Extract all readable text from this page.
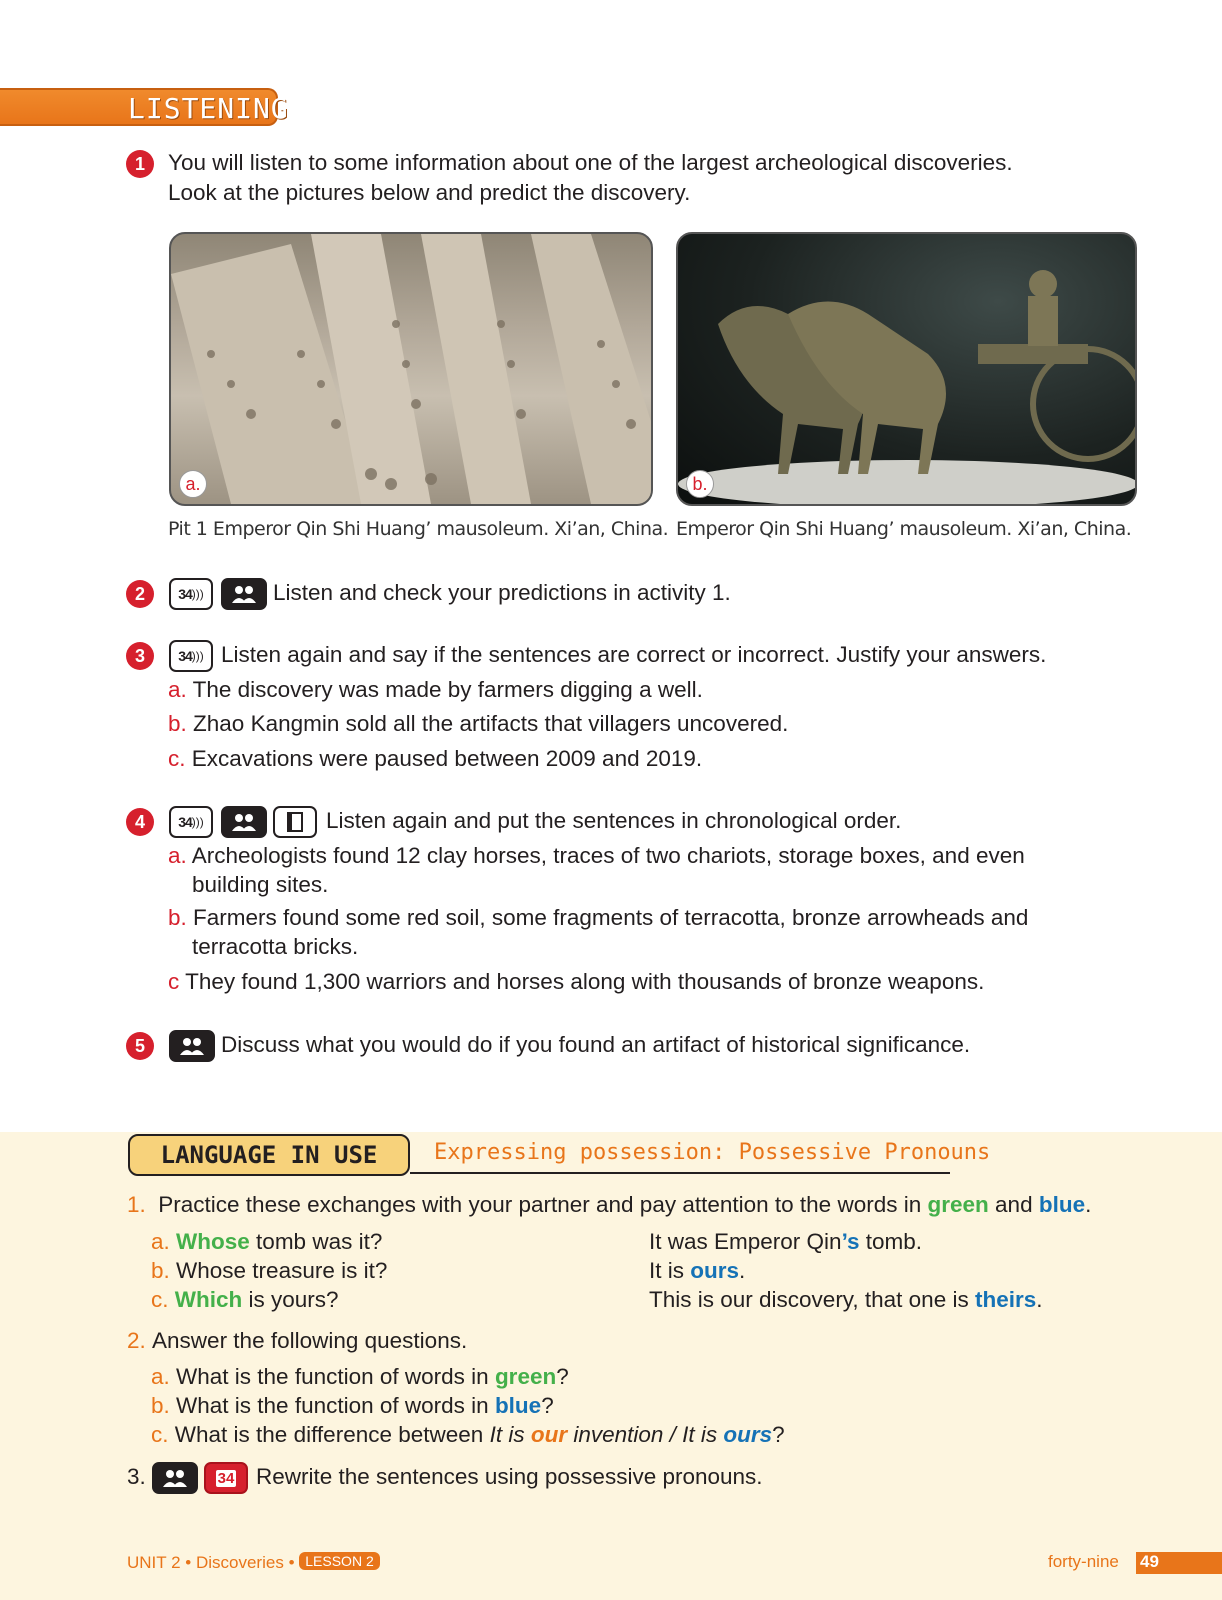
LISTENING
1	You will listen to some information about one of the largest archeological discoveries.
Look at the pictures below and predict the discovery.
a.	b.
Pit 1 Emperor Qin Shi Huang’ mausoleum. Xi’an, China. Emperor Qin Shi Huang’ mausoleum. Xi’an, China.
2	34 )))	Listen and check your predictions in activity 1.
3	34 ))) Listen again and say if the sentences are correct or incorrect. Justify your answers.
a. The discovery was made by farmers digging a well.
b. Zhao Kangmin sold all the artifacts that villagers uncovered.
c. Excavations were paused between 2009 and 2019.
4	34 )))	Listen again and put the sentences in chronological order.
a. Archeologists found 12 clay horses, traces of two chariots, storage boxes, and even
building sites.
b. Farmers found some red soil, some fragments of terracotta, bronze arrowheads and
terracotta bricks.
c They found 1,300 warriors and horses along with thousands of bronze weapons.
5	Discuss what you would do if you found an artifact of historical significance.
LANGUAGE IN USE	Expressing possession: Possessive Pronouns
1. Practice these exchanges with your partner and pay attention to the words in green and blue.
a. Whose tomb was it?	It was Emperor Qin’s tomb.
b. Whose treasure is it?	It is ours.
c. Which is yours?	This is our discovery, that one is theirs.
2. Answer the following questions.
a. What is the function of words in green?
b. What is the function of words in blue?
c. What is the difference between It is our invention / It is ours?
3.	34 Rewrite the sentences using possessive pronouns.
UNIT 2 • Discoveries • LESSON 2	forty-nine 49
